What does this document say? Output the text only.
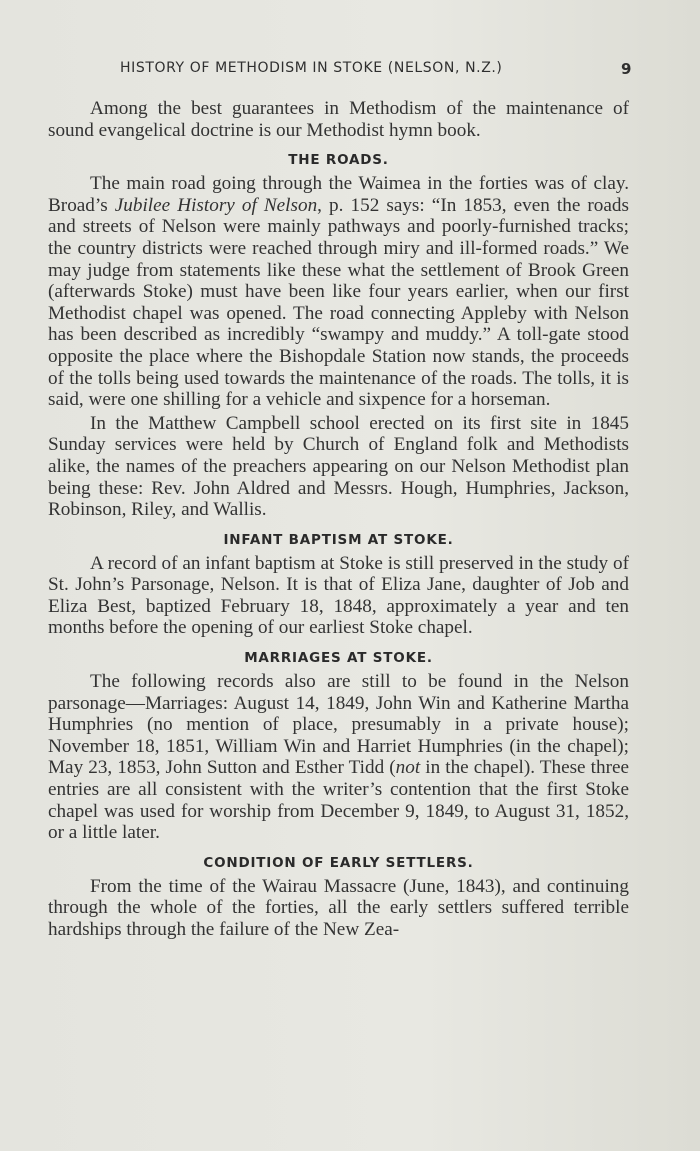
HISTORY OF METHODISM IN STOKE (NELSON, N.Z.)	9

Among the best guarantees in Methodism of the maintenance of sound evangelical doctrine is our Methodist hymn book.

THE ROADS.

The main road going through the Waimea in the forties was of clay. Broad’s Jubilee History of Nelson, p. 152 says: “In 1853, even the roads and streets of Nelson were mainly pathways and poorly-furnished tracks; the country districts were reached through miry and ill-formed roads.” We may judge from statements like these what the settlement of Brook Green (afterwards Stoke) must have been like four years earlier, when our first Methodist chapel was opened. The road connecting Appleby with Nelson has been described as incredibly “swampy and muddy.” A toll-gate stood opposite the place where the Bishopdale Station now stands, the proceeds of the tolls being used towards the maintenance of the roads. The tolls, it is said, were one shilling for a vehicle and sixpence for a horseman.

In the Matthew Campbell school erected on its first site in 1845 Sunday services were held by Church of England folk and Methodists alike, the names of the preachers appearing on our Nelson Methodist plan being these: Rev. John Aldred and Messrs. Hough, Humphries, Jackson, Robinson, Riley, and Wallis.

INFANT BAPTISM AT STOKE.

A record of an infant baptism at Stoke is still preserved in the study of St. John’s Parsonage, Nelson. It is that of Eliza Jane, daughter of Job and Eliza Best, baptized February 18, 1848, approximately a year and ten months before the opening of our earliest Stoke chapel.

MARRIAGES AT STOKE.

The following records also are still to be found in the Nelson parsonage—Marriages: August 14, 1849, John Win and Katherine Martha Humphries (no mention of place, presumably in a private house); November 18, 1851, William Win and Harriet Humphries (in the chapel); May 23, 1853, John Sutton and Esther Tidd (not in the chapel). These three entries are all consistent with the writer’s contention that the first Stoke chapel was used for worship from December 9, 1849, to August 31, 1852, or a little later.

CONDITION OF EARLY SETTLERS.

From the time of the Wairau Massacre (June, 1843), and continuing through the whole of the forties, all the early settlers suffered terrible hardships through the failure of the New Zea-
